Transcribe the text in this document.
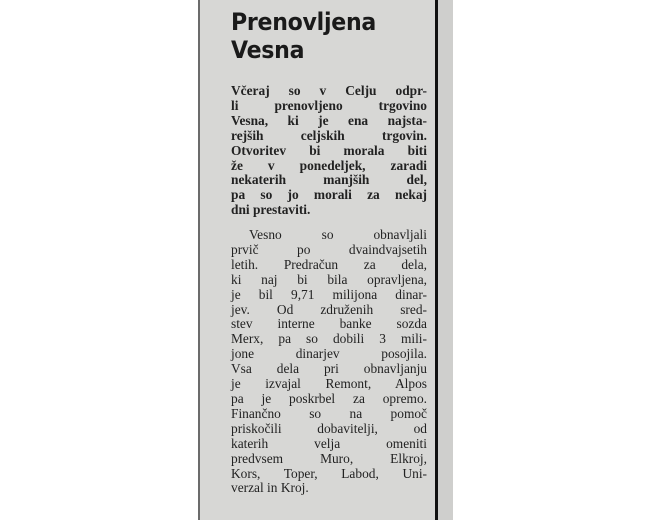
Prenovljena
Vesna
Včeraj so v Celju odpr-
li prenovljeno trgovino
Vesna, ki je ena najsta-
rejših celjskih trgovin.
Otvoritev bi morala biti
že v ponedeljek, zaradi
nekaterih manjših del,
pa so jo morali za nekaj
dni prestaviti.
Vesno so obnavljali
prvič po dvaindvajsetih
letih. Predračun za dela,
ki naj bi bila opravljena,
je bil 9,71 milijona dinar-
jev. Od združenih sred-
stev interne banke sozda
Merx, pa so dobili 3 mili-
jone dinarjev posojila.
Vsa dela pri obnavljanju
je izvajal Remont, Alpos
pa je poskrbel za opremo.
Finančno so na pomoč
priskočili dobavitelji, od
katerih velja omeniti
predvsem Muro, Elkroj,
Kors, Toper, Labod, Uni-
verzal in Kroj.
